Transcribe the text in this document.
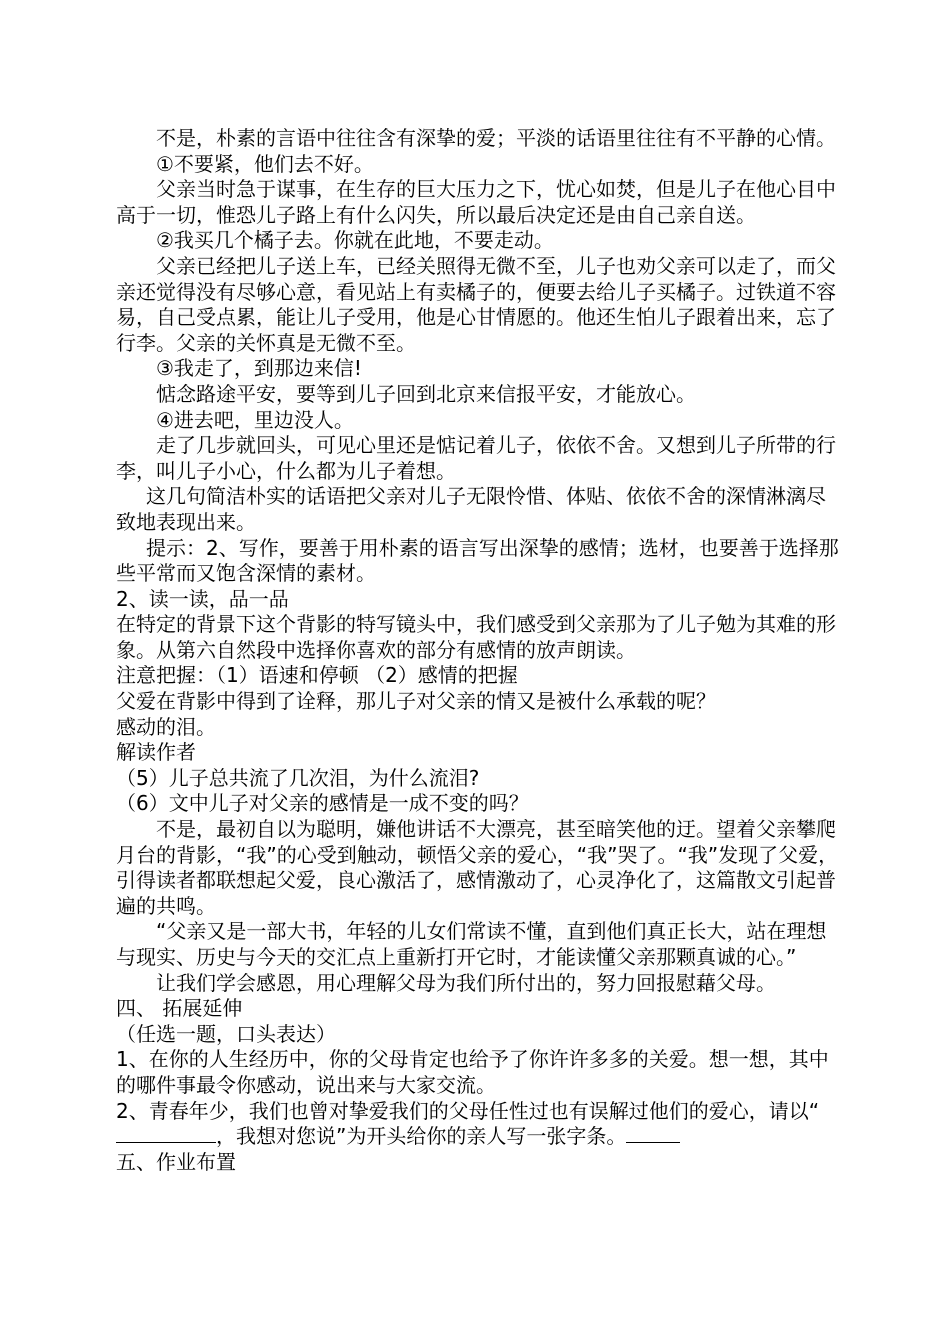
不是，朴素的言语中往往含有深挚的爱；平淡的话语里往往有不平静的心情。

①不要紧，他们去不好。

父亲当时急于谋事，在生存的巨大压力之下，忧心如焚，但是儿子在他心目中高于一切，惟恐儿子路上有什么闪失，所以最后决定还是由自己亲自送。

②我买几个橘子去。你就在此地，不要走动。

父亲已经把儿子送上车，已经关照得无微不至，儿子也劝父亲可以走了，而父亲还觉得没有尽够心意，看见站上有卖橘子的，便要去给儿子买橘子。过铁道不容易，自己受点累，能让儿子受用，他是心甘情愿的。他还生怕儿子跟着出来，忘了行李。父亲的关怀真是无微不至。

③我走了，到那边来信!

惦念路途平安，要等到儿子回到北京来信报平安，才能放心。

④进去吧，里边没人。

走了几步就回头，可见心里还是惦记着儿子，依依不舍。又想到儿子所带的行李，叫儿子小心，什么都为儿子着想。

这几句简洁朴实的话语把父亲对儿子无限怜惜、体贴、依依不舍的深情淋漓尽致地表现出来。

提示：2、写作，要善于用朴素的语言写出深挚的感情；选材，也要善于选择那些平常而又饱含深情的素材。

2、读一读，品一品

在特定的背景下这个背影的特写镜头中，我们感受到父亲那为了儿子勉为其难的形象。从第六自然段中选择你喜欢的部分有感情的放声朗读。

注意把握：（1）语速和停顿 （2）感情的把握

父爱在背影中得到了诠释，那儿子对父亲的情又是被什么承载的呢？

感动的泪。

解读作者

（5）儿子总共流了几次泪，为什么流泪?

（6）文中儿子对父亲的感情是一成不变的吗？

不是，最初自以为聪明，嫌他讲话不大漂亮，甚至暗笑他的迂。望着父亲攀爬月台的背影，“我”的心受到触动，顿悟父亲的爱心，“我”哭了。“我”发现了父爱，引得读者都联想起父爱，良心激活了，感情激动了，心灵净化了，这篇散文引起普遍的共鸣。

“父亲又是一部大书，年轻的儿女们常读不懂，直到他们真正长大，站在理想与现实、历史与今天的交汇点上重新打开它时，才能读懂父亲那颗真诚的心。”

让我们学会感恩，用心理解父母为我们所付出的，努力回报慰藉父母。

四、 拓展延伸

（任选一题，口头表达）

1、在你的人生经历中，你的父母肯定也给予了你许许多多的关爱。想一想，其中的哪件事最令你感动，说出来与大家交流。

2、青春年少，我们也曾对挚爱我们的父母任性过也有误解过他们的爱心，请以“，我想对您说”为开头给你的亲人写一张字条。

五、作业布置
